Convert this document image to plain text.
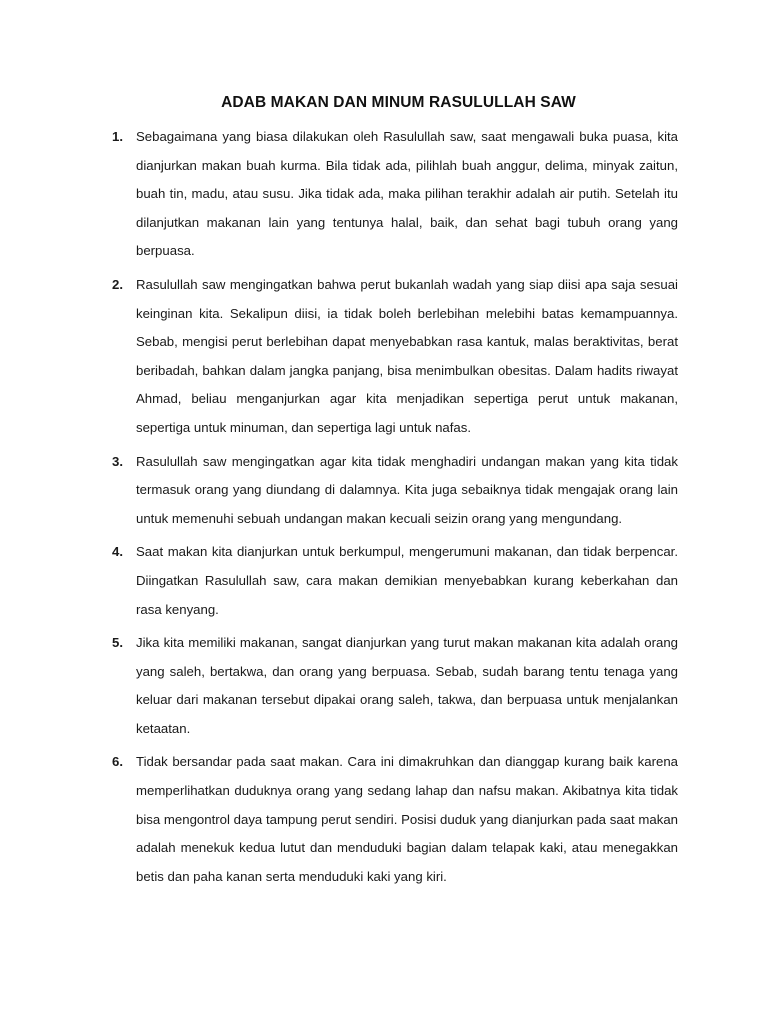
ADAB MAKAN DAN MINUM RASULULLAH SAW
1. Sebagaimana yang biasa dilakukan oleh Rasulullah saw, saat mengawali buka puasa, kita dianjurkan makan buah kurma. Bila tidak ada, pilihlah buah anggur, delima, minyak zaitun, buah tin, madu, atau susu. Jika tidak ada, maka pilihan terakhir adalah air putih. Setelah itu dilanjutkan makanan lain yang tentunya halal, baik, dan sehat bagi tubuh orang yang berpuasa.
2. Rasulullah saw mengingatkan bahwa perut bukanlah wadah yang siap diisi apa saja sesuai keinginan kita. Sekalipun diisi, ia tidak boleh berlebihan melebihi batas kemampuannya. Sebab, mengisi perut berlebihan dapat menyebabkan rasa kantuk, malas beraktivitas, berat beribadah, bahkan dalam jangka panjang, bisa menimbulkan obesitas. Dalam hadits riwayat Ahmad, beliau menganjurkan agar kita menjadikan sepertiga perut untuk makanan, sepertiga untuk minuman, dan sepertiga lagi untuk nafas.
3. Rasulullah saw mengingatkan agar kita tidak menghadiri undangan makan yang kita tidak termasuk orang yang diundang di dalamnya. Kita juga sebaiknya tidak mengajak orang lain untuk memenuhi sebuah undangan makan kecuali seizin orang yang mengundang.
4. Saat makan kita dianjurkan untuk berkumpul, mengerumuni makanan, dan tidak berpencar. Diingatkan Rasulullah saw, cara makan demikian menyebabkan kurang keberkahan dan rasa kenyang.
5. Jika kita memiliki makanan, sangat dianjurkan yang turut makan makanan kita adalah orang yang saleh, bertakwa, dan orang yang berpuasa. Sebab, sudah barang tentu tenaga yang keluar dari makanan tersebut dipakai orang saleh, takwa, dan berpuasa untuk menjalankan ketaatan.
6. Tidak bersandar pada saat makan. Cara ini dimakruhkan dan dianggap kurang baik karena memperlihatkan duduknya orang yang sedang lahap dan nafsu makan. Akibatnya kita tidak bisa mengontrol daya tampung perut sendiri. Posisi duduk yang dianjurkan pada saat makan adalah menekuk kedua lutut dan menduduki bagian dalam telapak kaki, atau menegakkan betis dan paha kanan serta menduduki kaki yang kiri.
